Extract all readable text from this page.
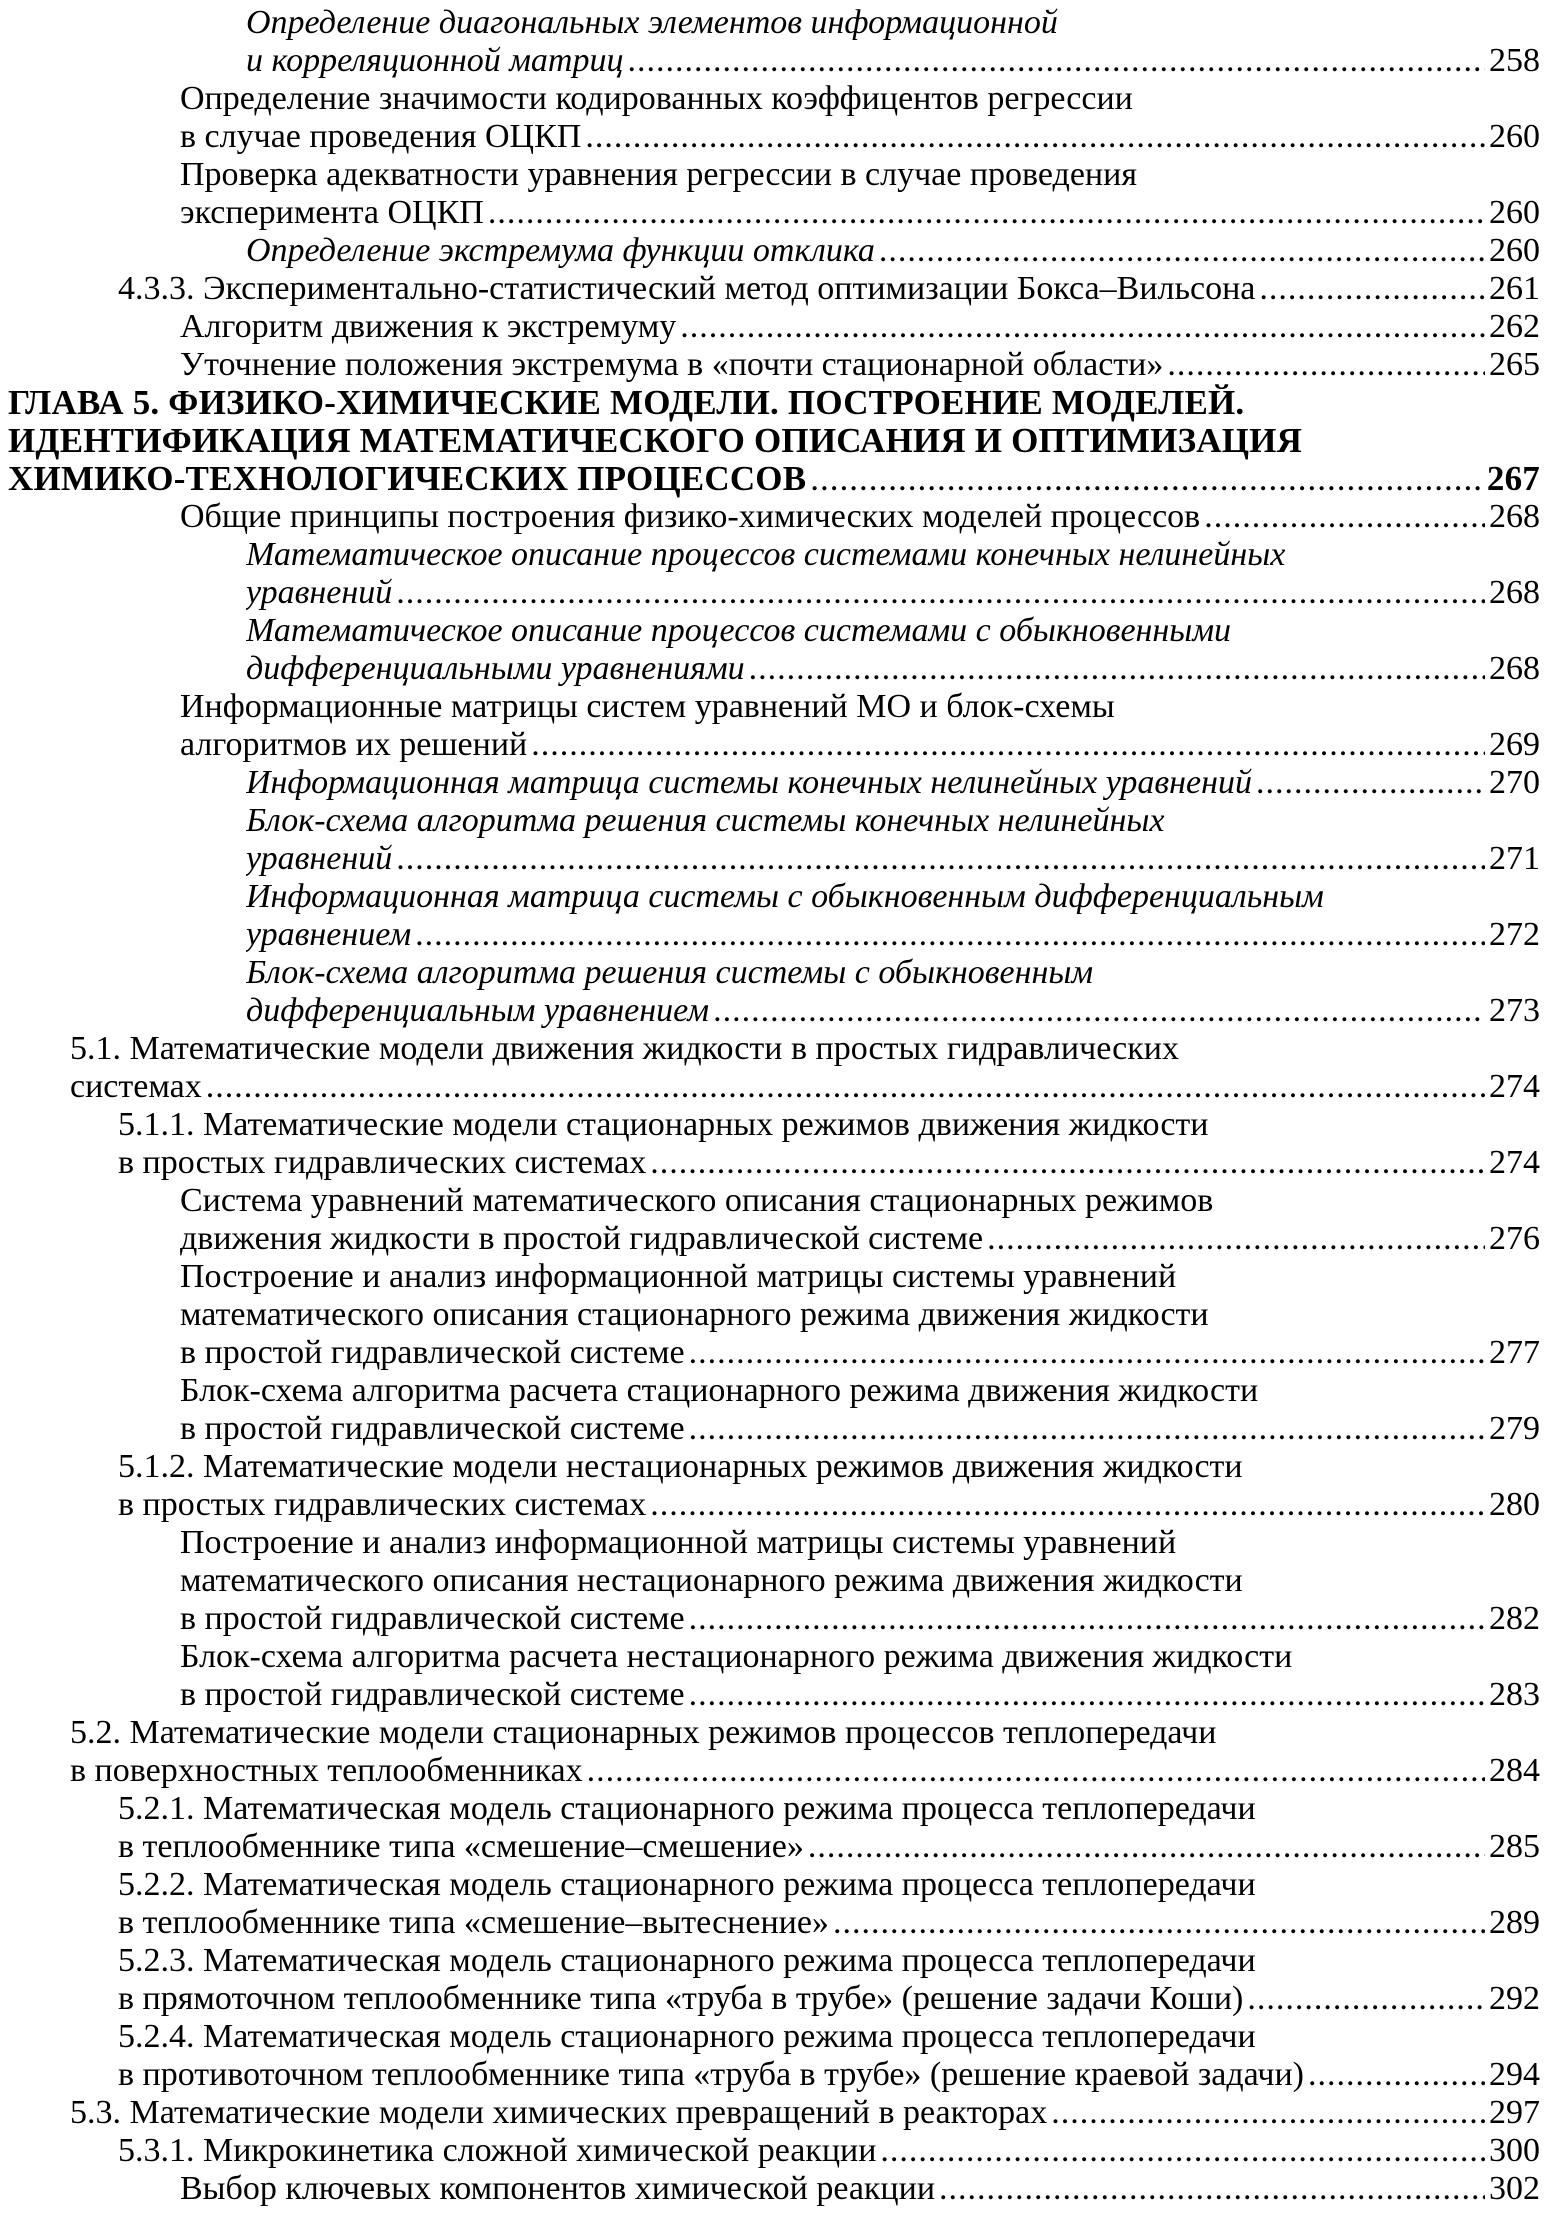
Определение диагональных элементов информационной
и корреляционной матриц .....	258
Определение значимости кодированных коэффицентов регрессии
в случае проведения ОЦКП .....	260
Проверка адекватности уравнения регрессии в случае проведения
эксперимента ОЦКП .....	260
Определение экстремума функции отклика .....	260
4.3.3. Экспериментально-статистический метод оптимизации Бокса–Вильсона .....	261
Алгоритм движения к экстремуму .....	262
Уточнение положения экстремума в «почти стационарной области» .....	265
ГЛАВА 5. ФИЗИКО-ХИМИЧЕСКИЕ МОДЕЛИ. ПОСТРОЕНИЕ МОДЕЛЕЙ.
ИДЕНТИФИКАЦИЯ МАТЕМАТИЧЕСКОГО ОПИСАНИЯ И ОПТИМИЗАЦИЯ
ХИМИКО-ТЕХНОЛОГИЧЕСКИХ ПРОЦЕССОВ .....	267
Общие принципы построения физико-химических моделей процессов .....	268
Математическое описание процессов системами конечных нелинейных
уравнений .....	268
Математическое описание процессов системами с обыкновенными
дифференциальными уравнениями .....	268
Информационные матрицы систем уравнений МО и блок-схемы
алгоритмов их решений .....	269
Информационная матрица системы конечных нелинейных уравнений .....	270
Блок-схема алгоритма решения системы конечных нелинейных
уравнений .....	271
Информационная матрица системы с обыкновенным дифференциальным
уравнением .....	272
Блок-схема алгоритма решения системы с обыкновенным
дифференциальным уравнением .....	273
5.1. Математические модели движения жидкости в простых гидравлических
системах .....	274
5.1.1. Математические модели стационарных режимов движения жидкости
в простых гидравлических системах .....	274
Система уравнений математического описания стационарных режимов
движения жидкости в простой гидравлической системе .....	276
Построение и анализ информационной матрицы системы уравнений
математического описания стационарного режима движения жидкости
в простой гидравлической системе .....	277
Блок-схема алгоритма расчета стационарного режима движения жидкости
в простой гидравлической системе .....	279
5.1.2. Математические модели нестационарных режимов движения жидкости
в простых гидравлических системах .....	280
Построение и анализ информационной матрицы системы уравнений
математического описания нестационарного режима движения жидкости
в простой гидравлической системе .....	282
Блок-схема алгоритма расчета нестационарного режима движения жидкости
в простой гидравлической системе .....	283
5.2. Математические модели стационарных режимов процессов теплопередачи
в поверхностных теплообменниках .....	284
5.2.1. Математическая модель стационарного режима процесса теплопередачи
в теплообменнике типа «смешение–смешение» .....	285
5.2.2. Математическая модель стационарного режима процесса теплопередачи
в теплообменнике типа «смешение–вытеснение» .....	289
5.2.3. Математическая модель стационарного режима процесса теплопередачи
в прямоточном теплообменнике типа «труба в трубе» (решение задачи Коши) .....	292
5.2.4. Математическая модель стационарного режима процесса теплопередачи
в противоточном теплообменнике типа «труба в трубе» (решение краевой задачи) .....	294
5.3. Математические модели химических превращений в реакторах .....	297
5.3.1. Микрокинетика сложной химической реакции .....	300
Выбор ключевых компонентов химической реакции .....	302
